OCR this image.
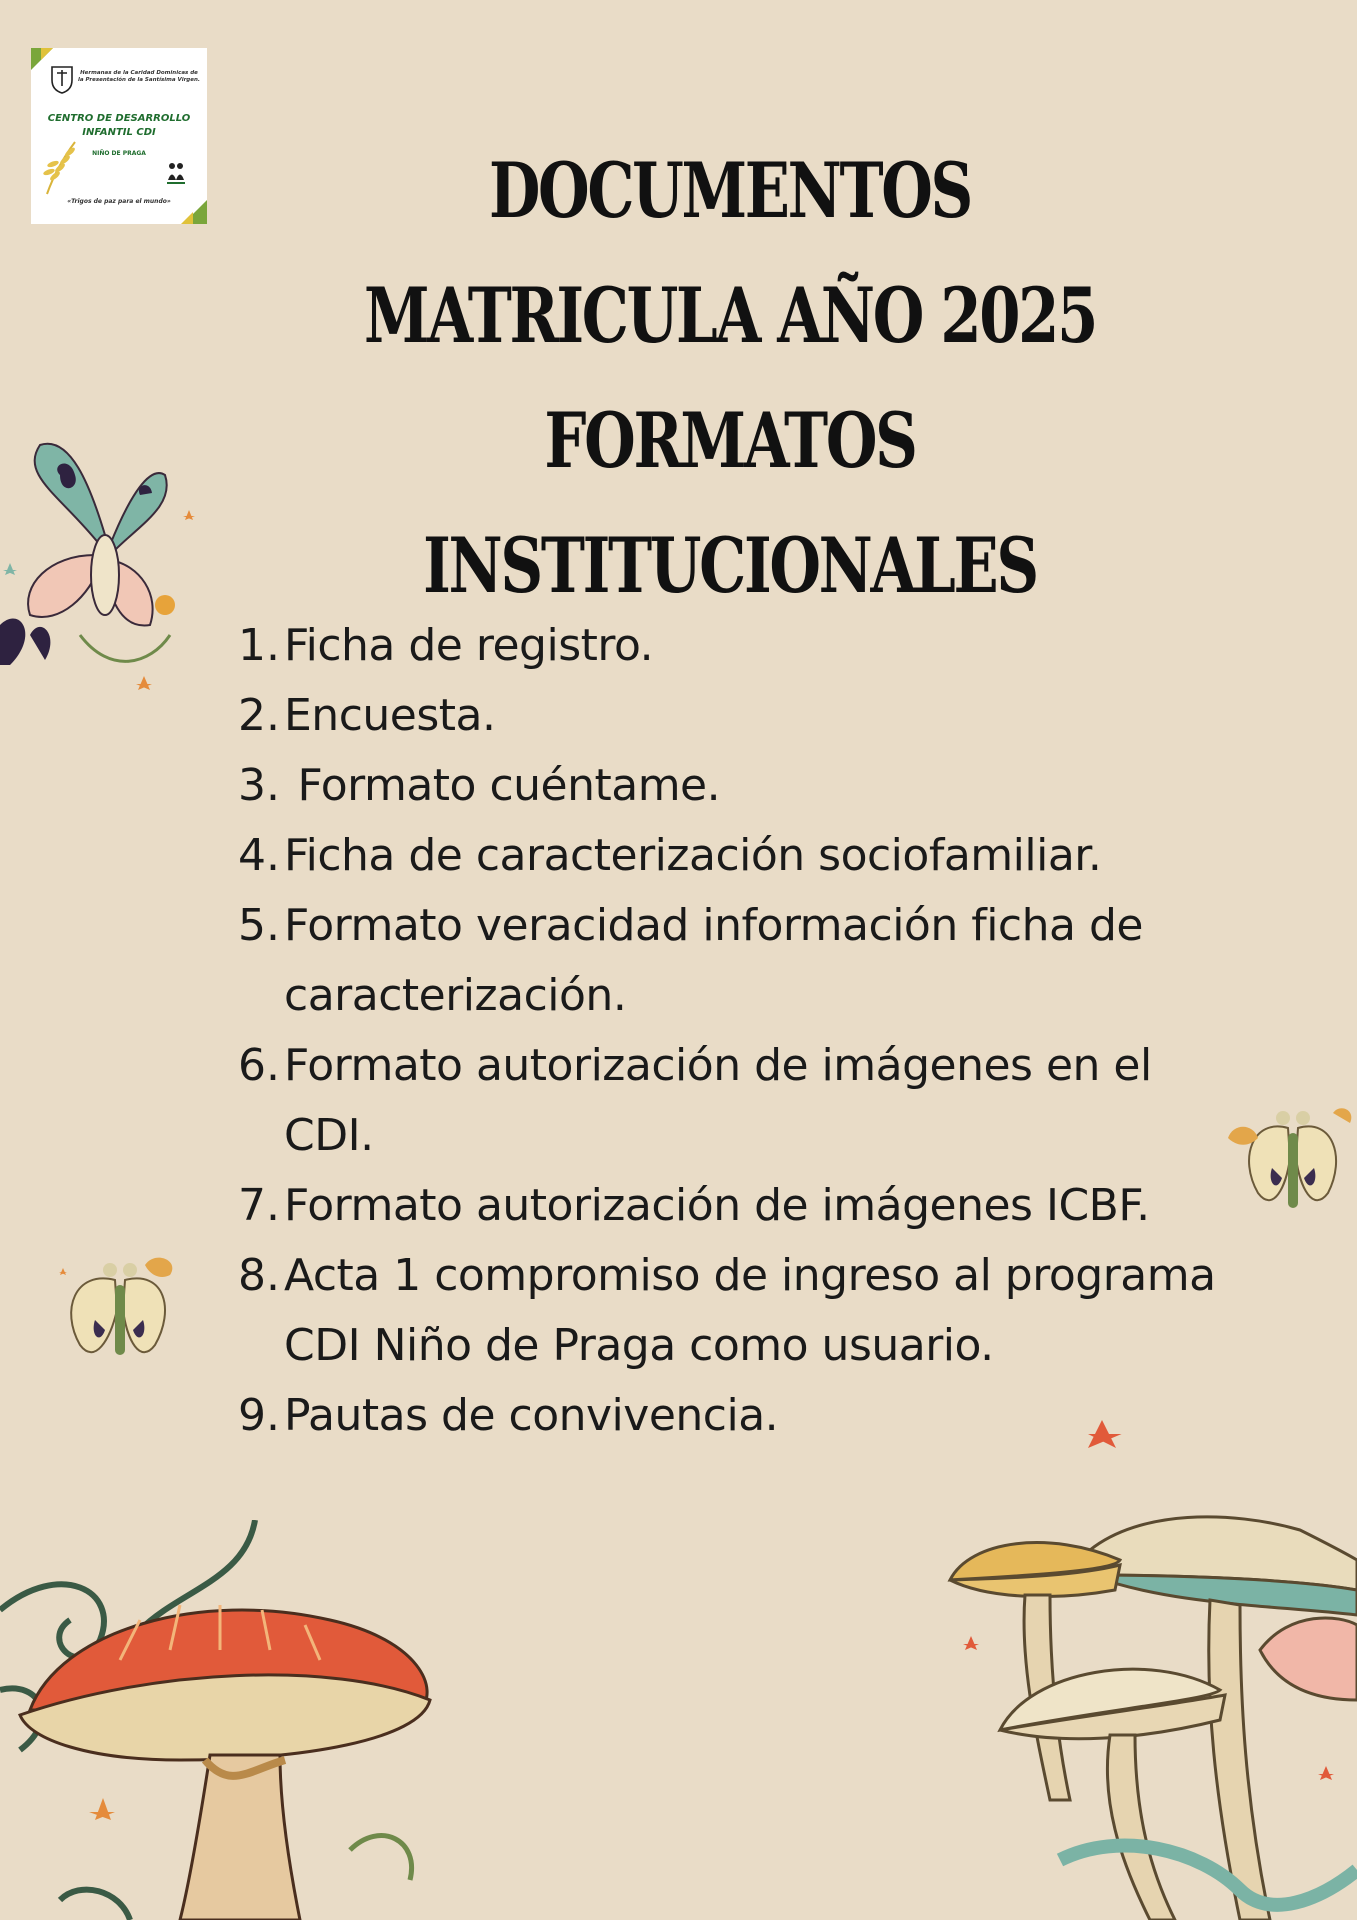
Hermanas de la Caridad Dominicas de la Presentación de la Santísima Virgen.
CENTRO DE DESARROLLO INFANTIL CDI
NIÑO DE PRAGA
«Trigos de paz para el mundo»	DOCUMENTOS MATRICULA AÑO 2025 FORMATOS INSTITUCIONALES
1. Ficha de registro.
2. Encuesta.
3. Formato cuéntame.
4. Ficha de caracterización sociofamiliar.
5. Formato veracidad información ficha de caracterización.
6. Formato autorización de imágenes en el CDI.
7. Formato autorización de imágenes ICBF.
8. Acta 1 compromiso de ingreso al programa CDI Niño de Praga como usuario.
9. Pautas de convivencia.
